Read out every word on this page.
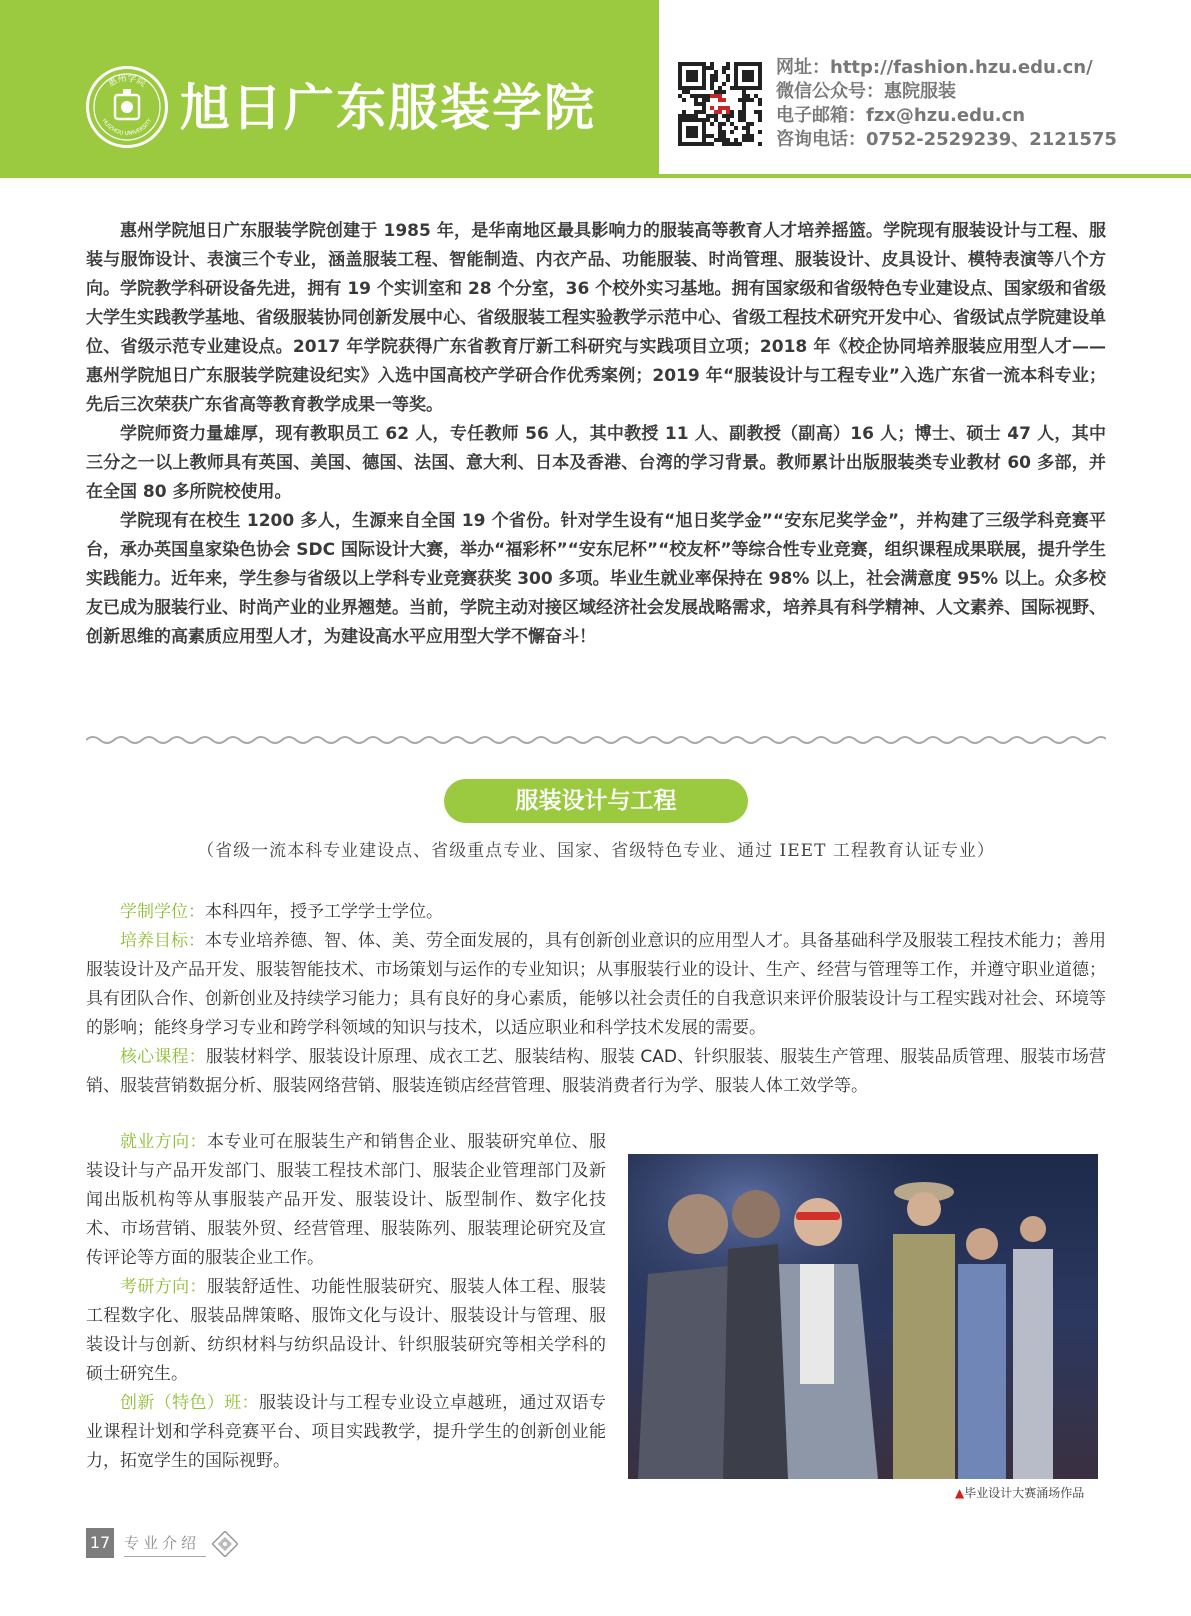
惠州学院
HUIZHOU UNIVERSITY 旭日广东服装学院
网址：http://fashion.hzu.edu.cn/
微信公众号：惠院服装
电子邮箱：fzx@hzu.edu.cn
咨询电话：0752-2529239、2121575

惠州学院旭日广东服装学院创建于 1985 年，是华南地区最具影响力的服装高等教育人才培养摇篮。学院现有服装设计与工程、服装与服饰设计、表演三个专业，涵盖服装工程、智能制造、内衣产品、功能服装、时尚管理、服装设计、皮具设计、模特表演等八个方向。学院教学科研设备先进，拥有 19 个实训室和 28 个分室，36 个校外实习基地。拥有国家级和省级特色专业建设点、国家级和省级大学生实践教学基地、省级服装协同创新发展中心、省级服装工程实验教学示范中心、省级工程技术研究开发中心、省级试点学院建设单位、省级示范专业建设点。2017 年学院获得广东省教育厅新工科研究与实践项目立项；2018 年《校企协同培养服装应用型人才——惠州学院旭日广东服装学院建设纪实》入选中国高校产学研合作优秀案例；2019 年“服装设计与工程专业”入选广东省一流本科专业；先后三次荣获广东省高等教育教学成果一等奖。

学院师资力量雄厚，现有教职员工 62 人，专任教师 56 人，其中教授 11 人、副教授（副高）16 人；博士、硕士 47 人，其中三分之一以上教师具有英国、美国、德国、法国、意大利、日本及香港、台湾的学习背景。教师累计出版服装类专业教材 60 多部，并在全国 80 多所院校使用。

学院现有在校生 1200 多人，生源来自全国 19 个省份。针对学生设有“旭日奖学金”“安东尼奖学金”，并构建了三级学科竞赛平台，承办英国皇家染色协会 SDC 国际设计大赛，举办“福彩杯”“安东尼杯”“校友杯”等综合性专业竞赛，组织课程成果联展，提升学生实践能力。近年来，学生参与省级以上学科专业竞赛获奖 300 多项。毕业生就业率保持在 98% 以上，社会满意度 95% 以上。众多校友已成为服装行业、时尚产业的业界翘楚。当前，学院主动对接区域经济社会发展战略需求，培养具有科学精神、人文素养、国际视野、创新思维的高素质应用型人才，为建设高水平应用型大学不懈奋斗！

服装设计与工程
（省级一流本科专业建设点、省级重点专业、国家、省级特色专业、通过 IEET 工程教育认证专业）

学制学位：本科四年，授予工学学士学位。

培养目标：本专业培养德、智、体、美、劳全面发展的，具有创新创业意识的应用型人才。具备基础科学及服装工程技术能力；善用服装设计及产品开发、服装智能技术、市场策划与运作的专业知识；从事服装行业的设计、生产、经营与管理等工作，并遵守职业道德；具有团队合作、创新创业及持续学习能力；具有良好的身心素质，能够以社会责任的自我意识来评价服装设计与工程实践对社会、环境等的影响；能终身学习专业和跨学科领域的知识与技术，以适应职业和科学技术发展的需要。

核心课程：服装材料学、服装设计原理、成衣工艺、服装结构、服装 CAD、针织服装、服装生产管理、服装品质管理、服装市场营销、服装营销数据分析、服装网络营销、服装连锁店经营管理、服装消费者行为学、服装人体工效学等。

就业方向：本专业可在服装生产和销售企业、服装研究单位、服装设计与产品开发部门、服装工程技术部门、服装企业管理部门及新闻出版机构等从事服装产品开发、服装设计、版型制作、数字化技术、市场营销、服装外贸、经营管理、服装陈列、服装理论研究及宣传评论等方面的服装企业工作。

考研方向：服装舒适性、功能性服装研究、服装人体工程、服装工程数字化、服装品牌策略、服饰文化与设计、服装设计与管理、服装设计与创新、纺织材料与纺织品设计、针织服装研究等相关学科的硕士研究生。

创新（特色）班：服装设计与工程专业设立卓越班，通过双语专业课程计划和学科竞赛平台、项目实践教学，提升学生的创新创业能力，拓宽学生的国际视野。

▲毕业设计大赛涌场作品
17 专业介绍
